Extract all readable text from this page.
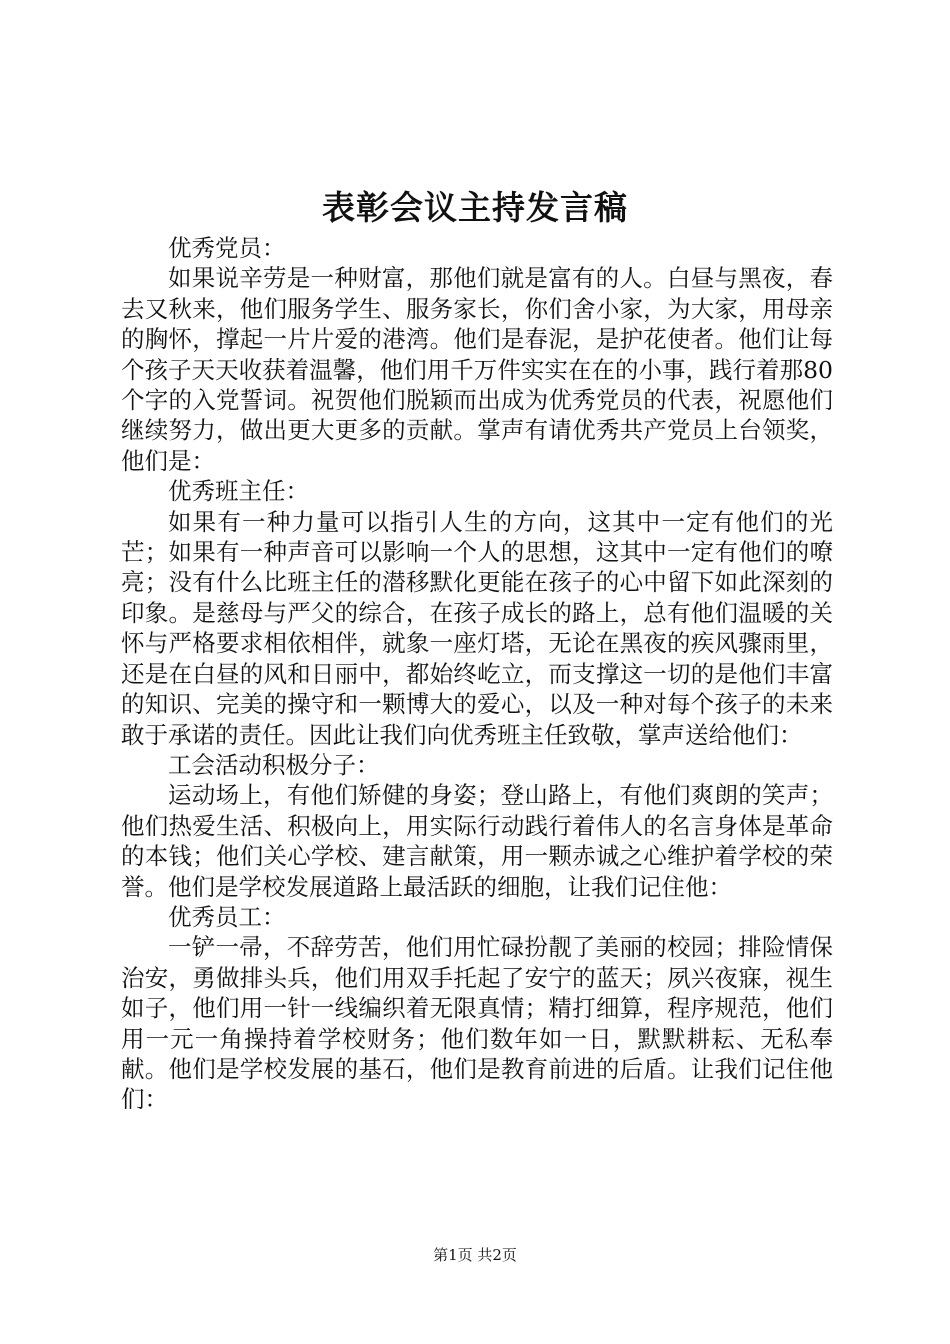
表彰会议主持发言稿

优秀党员：

如果说辛劳是一种财富，那他们就是富有的人。白昼与黑夜，春去又秋来，他们服务学生、服务家长，你们舍小家，为大家，用母亲的胸怀，撑起一片片爱的港湾。他们是春泥，是护花使者。他们让每个孩子天天收获着温馨，他们用千万件实实在在的小事，践行着那80个字的入党誓词。祝贺他们脱颖而出成为优秀党员的代表，祝愿他们继续努力，做出更大更多的贡献。掌声有请优秀共产党员上台领奖，他们是：

优秀班主任：

如果有一种力量可以指引人生的方向，这其中一定有他们的光芒；如果有一种声音可以影响一个人的思想，这其中一定有他们的嘹亮；没有什么比班主任的潜移默化更能在孩子的心中留下如此深刻的印象。是慈母与严父的综合，在孩子成长的路上，总有他们温暖的关怀与严格要求相依相伴，就象一座灯塔，无论在黑夜的疾风骤雨里，还是在白昼的风和日丽中，都始终屹立，而支撑这一切的是他们丰富的知识、完美的操守和一颗博大的爱心，以及一种对每个孩子的未来敢于承诺的责任。因此让我们向优秀班主任致敬，掌声送给他们：

工会活动积极分子：

运动场上，有他们矫健的身姿；登山路上，有他们爽朗的笑声；他们热爱生活、积极向上，用实际行动践行着伟人的名言身体是革命的本钱；他们关心学校、建言献策，用一颗赤诚之心维护着学校的荣誉。他们是学校发展道路上最活跃的细胞，让我们记住他：

优秀员工：

一铲一帚，不辞劳苦，他们用忙碌扮靓了美丽的校园；排险情保治安，勇做排头兵，他们用双手托起了安宁的蓝天；夙兴夜寐，视生如子，他们用一针一线编织着无限真情；精打细算，程序规范，他们用一元一角操持着学校财务；他们数年如一日，默默耕耘、无私奉献。他们是学校发展的基石，他们是教育前进的后盾。让我们记住他们：

第1页 共2页
